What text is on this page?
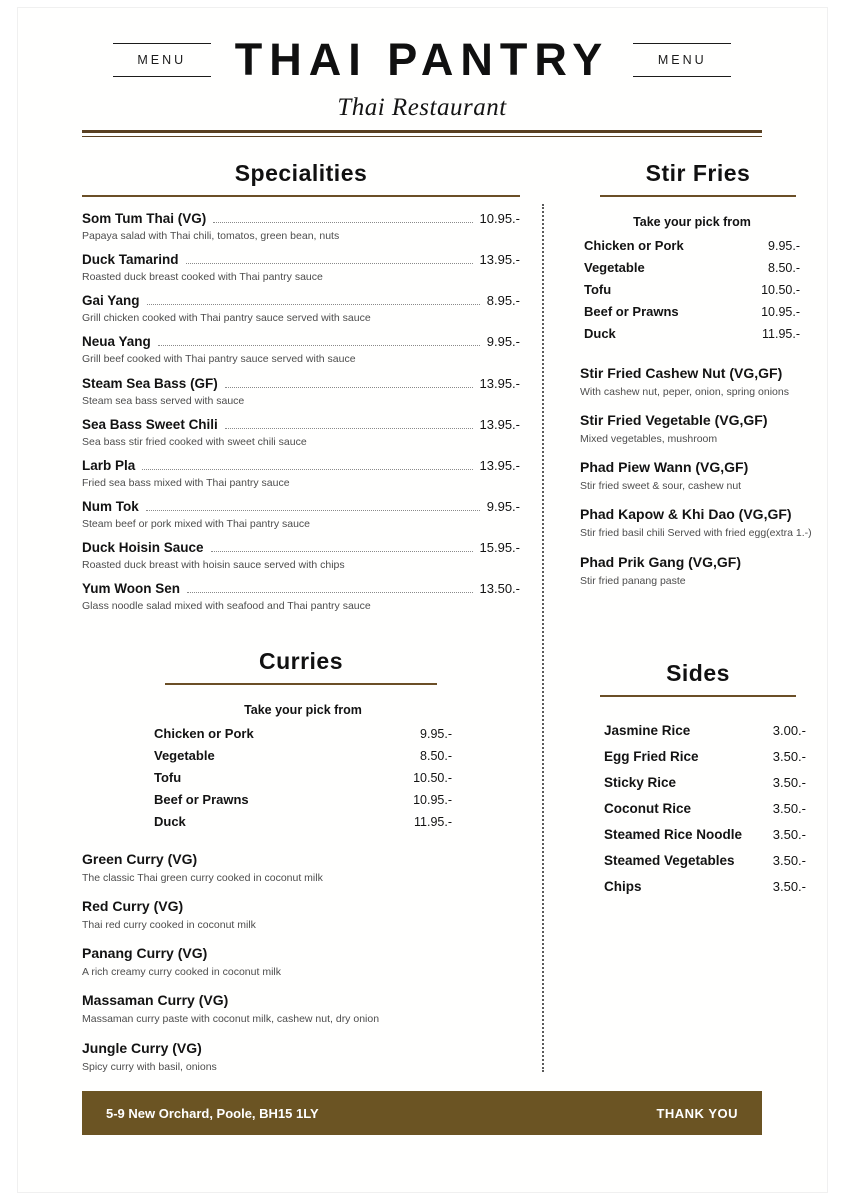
MENU	THAI PANTRY	MENU
Thai Restaurant
Specialities
Som Tum Thai (VG)	10.95.-
Papaya salad with Thai chili, tomatos, green bean, nuts
Duck Tamarind	13.95.-
Roasted duck breast cooked with Thai pantry sauce
Gai Yang	8.95.-
Grill chicken cooked with Thai pantry sauce served with sauce
Neua Yang	9.95.-
Grill beef cooked with Thai pantry sauce served with sauce
Steam Sea Bass (GF)	13.95.-
Steam sea bass served with sauce
Sea Bass Sweet Chili	13.95.-
Sea bass stir fried cooked with sweet chili sauce
Larb Pla	13.95.-
Fried sea bass mixed with Thai pantry sauce
Num Tok	9.95.-
Steam beef or pork mixed with Thai pantry sauce
Duck Hoisin Sauce	15.95.-
Roasted duck breast with hoisin sauce served with chips
Yum Woon Sen	13.50.-
Glass noodle salad mixed with seafood and Thai pantry sauce
Curries
Take your pick from
Chicken or Pork	9.95.-
Vegetable	8.50.-
Tofu	10.50.-
Beef or Prawns	10.95.-
Duck	11.95.-
Green Curry (VG)
The classic Thai green curry cooked in coconut milk
Red Curry (VG)
Thai red curry cooked in coconut milk
Panang Curry (VG)
A rich creamy curry cooked in coconut milk
Massaman Curry (VG)
Massaman curry paste with coconut milk, cashew nut, dry onion
Jungle Curry (VG)
Spicy curry with basil, onions
Stir Fries
Take your pick from
Chicken or Pork	9.95.-
Vegetable	8.50.-
Tofu	10.50.-
Beef or Prawns	10.95.-
Duck	11.95.-
Stir Fried Cashew Nut (VG,GF)
With cashew nut, peper, onion, spring onions
Stir Fried Vegetable (VG,GF)
Mixed vegetables, mushroom
Phad Piew Wann (VG,GF)
Stir fried sweet & sour, cashew nut
Phad Kapow & Khi Dao (VG,GF)
Stir fried basil chili Served with fried egg(extra 1.-)
Phad Prik Gang (VG,GF)
Stir fried panang paste
Sides
Jasmine Rice	3.00.-
Egg Fried Rice	3.50.-
Sticky Rice	3.50.-
Coconut Rice	3.50.-
Steamed Rice Noodle 3.50.-
Steamed Vegetables	3.50.-
Chips	3.50.-
5-9 New Orchard, Poole, BH15 1LY	THANK YOU
